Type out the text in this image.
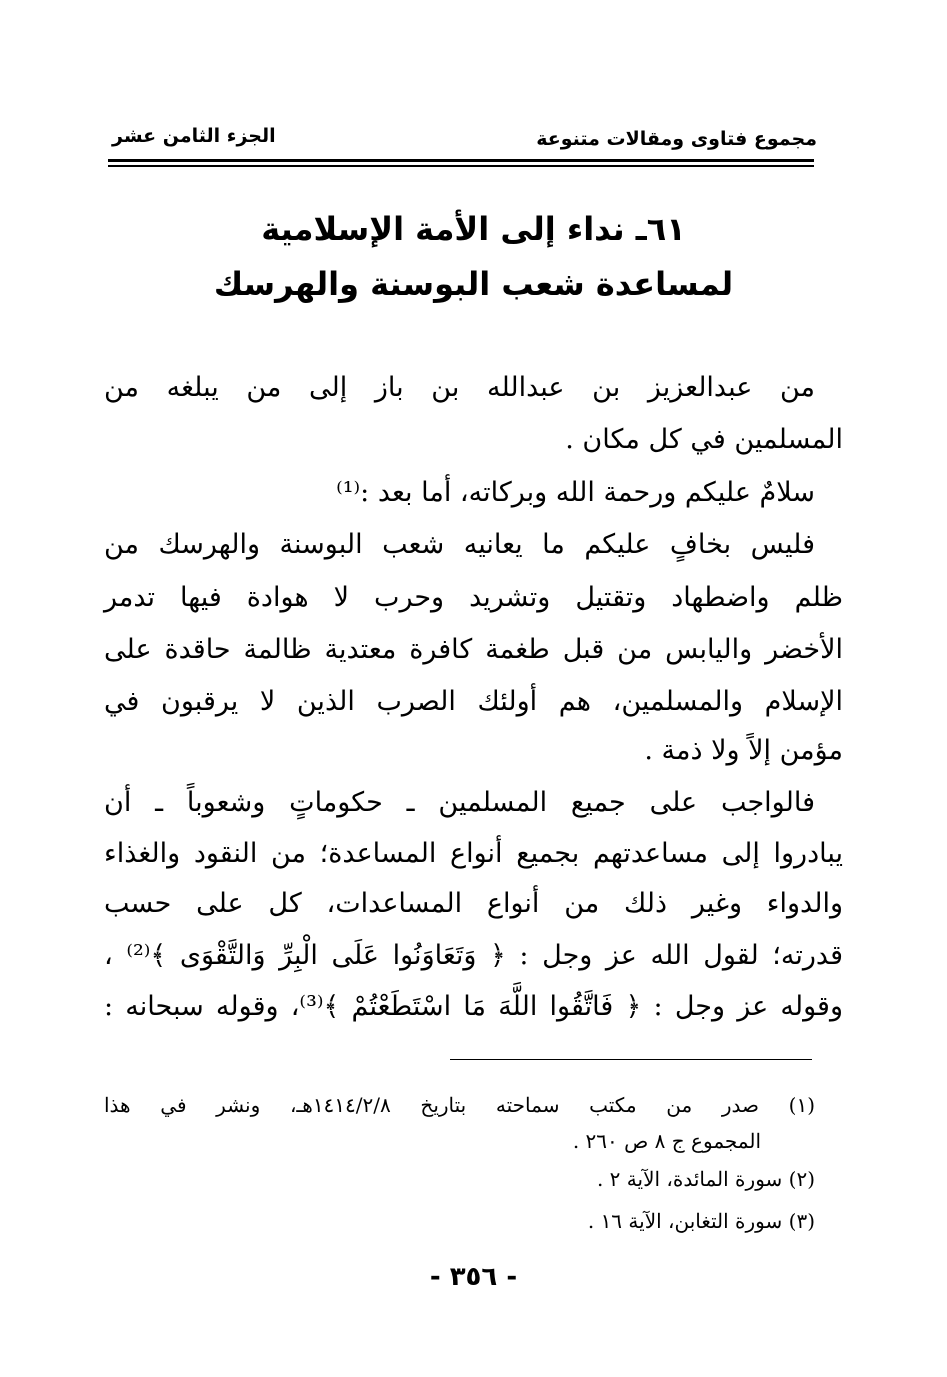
مجموع فتاوى ومقالات متنوعة
الجزء الثامن عشر
٦١ـ نداء إلى الأمة الإسلامية
لمساعدة شعب البوسنة والهرسك
من عبدالعزيز بن عبدالله بن باز إلى من يبلغه من
المسلمين في كل مكان .
سلامٌ عليكم ورحمة الله وبركاته، أما بعد :⁽¹⁾
فليس بخافٍ عليكم ما يعانيه شعب البوسنة والهرسك من
ظلم واضطهاد وتقتيل وتشريد وحرب لا هوادة فيها تدمر
الأخضر واليابس من قبل طغمة كافرة معتدية ظالمة حاقدة على
الإسلام والمسلمين، هم أولئك الصرب الذين لا يرقبون في
مؤمن إلاً ولا ذمة .
فالواجب على جميع المسلمين ـ حكوماتٍ وشعوباً ـ أن
يبادروا إلى مساعدتهم بجميع أنواع المساعدة؛ من النقود والغذاء
والدواء وغير ذلك من أنواع المساعدات، كل على حسب
قدرته؛ لقول الله عز وجل : ﴿ وَتَعَاوَنُوا عَلَى الْبِرِّ وَالتَّقْوَى ﴾⁽²⁾ ،
وقوله عز وجل : ﴿ فَاتَّقُوا اللَّهَ مَا اسْتَطَعْتُمْ ﴾⁽³⁾، وقوله سبحانه :
(١) صدر من مكتب سماحته بتاريخ ١٤١٤/٢/٨هـ، ونشر في هذا
المجموع ج ٨ ص ٢٦٠ .
(٢) سورة المائدة، الآية ٢ .
(٣) سورة التغابن، الآية ١٦ .
- ٣٥٦ -
